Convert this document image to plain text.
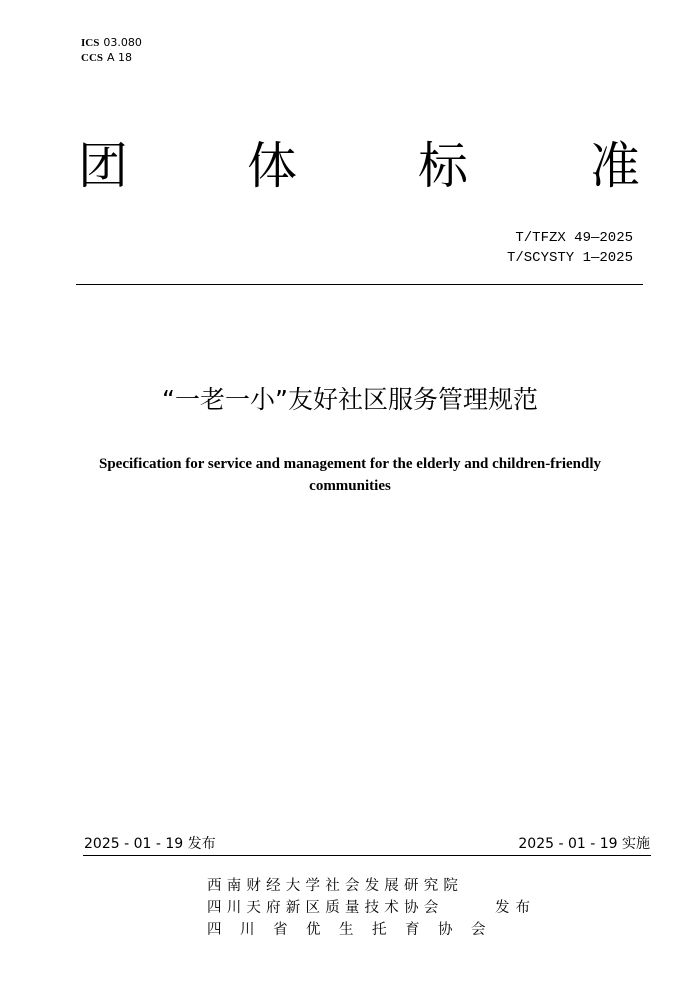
ICS 03.080
CCS A 18
团 体 标 准
T/TFZX 49—2025
T/SCYSTY 1—2025
“一老一小”友好社区服务管理规范
Specification for service and management for the elderly and children-friendly communities
2025 - 01 - 19 发布	2025 - 01 - 19 实施
西南财经大学社会发展研究院
四川天府新区质量技术协会
四川省优生托育协会
发布
